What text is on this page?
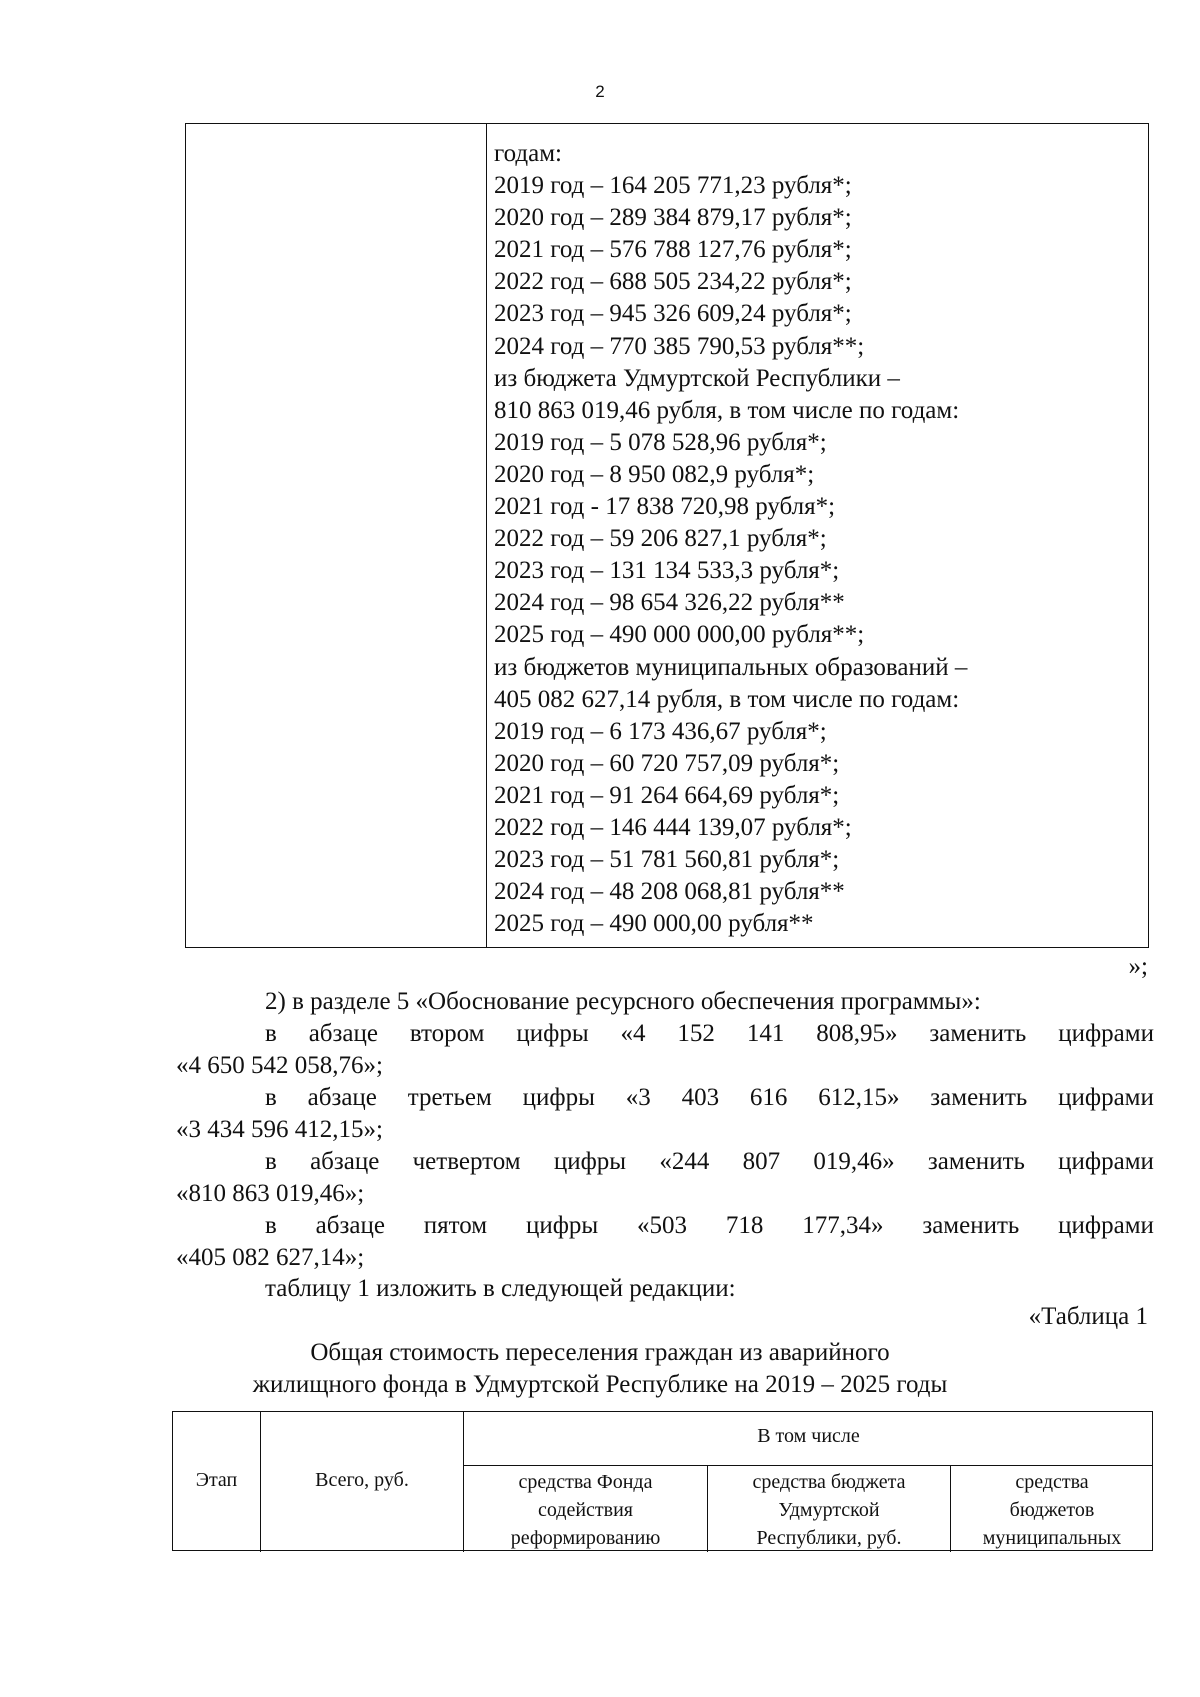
2
годам:
2019 год – 164 205 771,23 рубля*;
2020 год – 289 384 879,17 рубля*;
2021 год – 576 788 127,76 рубля*;
2022 год – 688 505 234,22 рубля*;
2023 год – 945 326 609,24 рубля*;
2024 год – 770 385 790,53 рубля**;
из бюджета Удмуртской Республики –
810 863 019,46 рубля, в том числе по годам:
2019 год – 5 078 528,96 рубля*;
2020 год – 8 950 082,9 рубля*;
2021 год - 17 838 720,98 рубля*;
2022 год – 59 206 827,1 рубля*;
2023 год – 131 134 533,3 рубля*;
2024 год – 98 654 326,22 рубля**
2025 год – 490 000 000,00 рубля**;
из бюджетов муниципальных образований –
405 082 627,14 рубля, в том числе по годам:
2019 год – 6 173 436,67 рубля*;
2020 год – 60 720 757,09 рубля*;
2021 год – 91 264 664,69 рубля*;
2022 год – 146 444 139,07 рубля*;
2023 год – 51 781 560,81 рубля*;
2024 год – 48 208 068,81 рубля**
2025 год – 490 000,00 рубля**
»;
2) в разделе 5 «Обоснование ресурсного обеспечения программы»:
в абзаце втором цифры «4 152 141 808,95» заменить цифрами
«4 650 542 058,76»;
в абзаце третьем цифры «3 403 616 612,15» заменить цифрами
«3 434 596 412,15»;
в абзаце четвертом цифры «244 807 019,46» заменить цифрами
«810 863 019,46»;
в абзаце пятом цифры «503 718 177,34» заменить цифрами
«405 082 627,14»;
таблицу 1 изложить в следующей редакции:
«Таблица 1
Общая стоимость переселения граждан из аварийного
жилищного фонда в Удмуртской Республике на 2019 – 2025 годы
Этап	Всего, руб.
В том числе
средства Фонда
содействия
реформированию
средства бюджета
Удмуртской
Республики, руб.
средства
бюджетов
муниципальных
